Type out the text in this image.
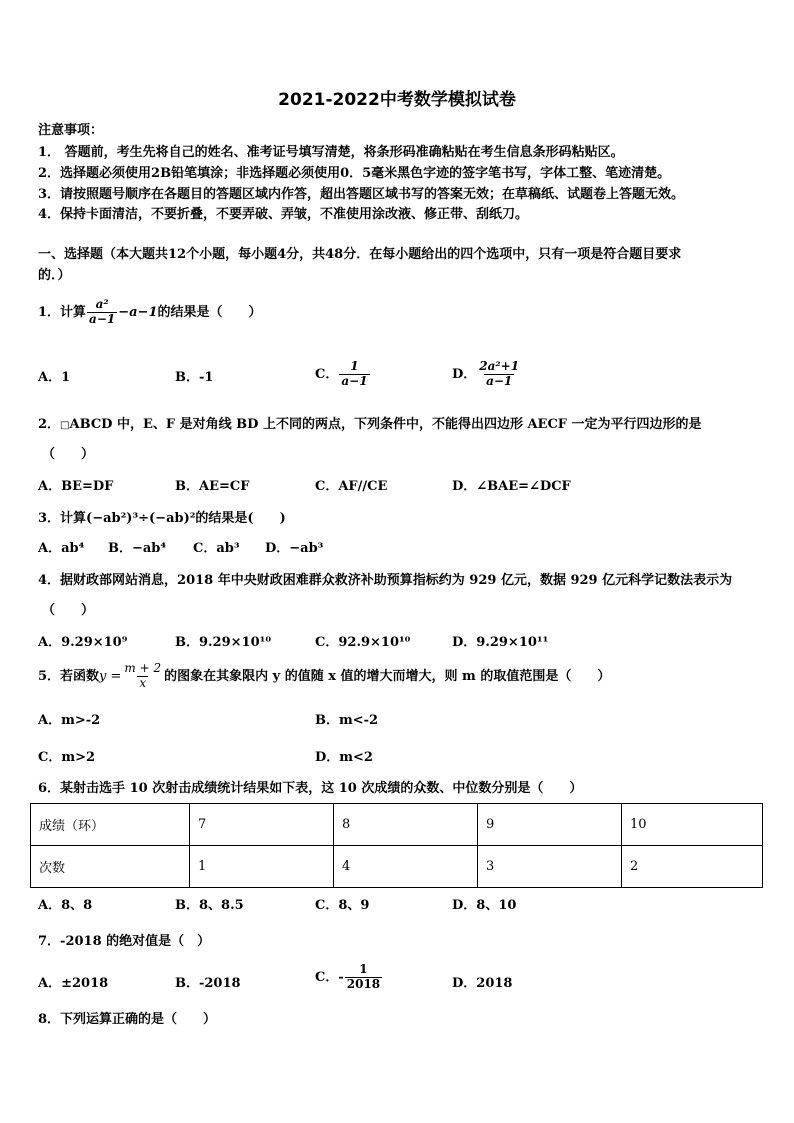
2021-2022中考数学模拟试卷
注意事项：
1． 答题前，考生先将自己的姓名、准考证号填写清楚，将条形码准确粘贴在考生信息条形码粘贴区。
2．选择题必须使用2B铅笔填涂；非选择题必须使用0．5毫米黑色字迹的签字笔书写，字体工整、笔迹清楚。
3．请按照题号顺序在各题目的答题区域内作答，超出答题区域书写的答案无效；在草稿纸、试题卷上答题无效。
4．保持卡面清洁，不要折叠，不要弄破、弄皱，不准使用涂改液、修正带、刮纸刀。
一、选择题（本大题共12个小题，每小题4分，共48分．在每小题给出的四个选项中，只有一项是符合题目要求
的．）
1．计算 $\frac{\text{a²}}{a-1} -a-1$的结果是（　　）
A．1	B．-1	C． $\frac{1}{a-1}$	D． $\frac{\text{2a²+1}}{a-1}$
2．□ABCD 中，E、F 是对角线 BD 上不同的两点，下列条件中，不能得出四边形 AECF 一定为平行四边形的是
（　　）
A．BE=DF	B．AE=CF	C．AF//CE	D．∠BAE=∠DCF
3．计算(−ab²)³÷(−ab)²的结果是(　　)
A．ab⁴ B．−ab⁴ C．ab³ D．−ab³
4．据财政部网站消息，2018 年中央财政困难群众救济补助预算指标约为 929 亿元，数据 929 亿元科学记数法表示为
（　　）
A．9.29×10⁹	B．9.29×10¹⁰	C．92.9×10¹⁰	D．9.29×10¹¹
5．若函数$y = \frac{m + 2}{x}$ 的图象在其象限内 y 的值随 x 值的增大而增大，则 m 的取值范围是（　　）
A．m>-2	B．m<-2
C．m>2	D．m<2
6．某射击选手 10 次射击成绩统计结果如下表，这 10 次成绩的众数、中位数分别是（　　）
成绩（环）	7	8	9	10
次数	1	4	3	2
A．8、8	B．8、8.5	C．8、9	D．8、10
7．-2018 的绝对值是（　）
A．±2018	B．-2018	C．- $\frac{1}{2018}$	D．2018
8．下列运算正确的是（　　）
